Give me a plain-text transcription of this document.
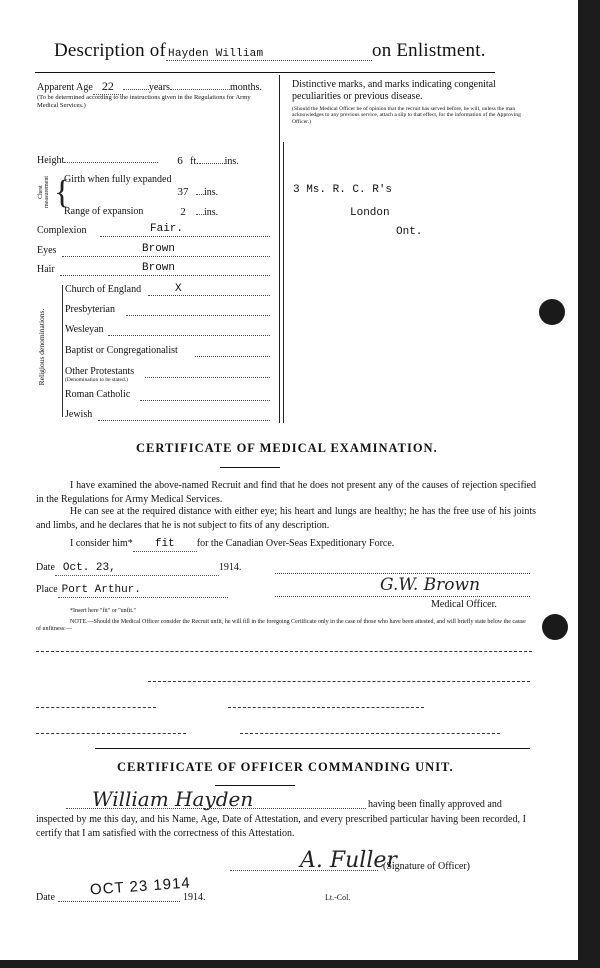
Description of Hayden William	on Enlistment.
Apparent Age 22	years	months.
(To be determined according to the instructions given in the Regulations for Army Medical Services.)
Distinctive marks, and marks indicating congenital peculiarities or previous disease.
(Should the Medical Officer be of opinion that the recruit has served before, he will, unless the man acknowledges to any previous service, attach a slip to that effect, for the information of the Approving Officer.)
3 Ms. R. C. R's
London
Ont.
Height	6 ft.	ins.
Chest measurement {
Girth when fully expanded
37 ins.
Range of expansion	2 ins.
Complexion	Fair.
Eyes	Brown
Hair	Brown
Religious denominations.
Church of England	X
Presbyterian
Wesleyan
Baptist or Congregationalist
Other Protestants
(Denomination to be stated.)
Roman Catholic
Jewish
CERTIFICATE OF MEDICAL EXAMINATION.
I have examined the above-named Recruit and find that he does not present any of the causes of rejection specified in the Regulations for Army Medical Services.
He can see at the required distance with either eye; his heart and lungs are healthy; he has the free use of his joints and limbs, and he declares that he is not subject to fits of any description.
I consider him* fit for the Canadian Over-Seas Expeditionary Force.
Date Oct. 23,	1914.
Place Port Arthur.	G.W. Brown
Medical Officer.
*Insert here "fit" or "unfit."
NOTE.—Should the Medical Officer consider the Recruit unfit, he will fill in the foregoing Certificate only in the case of those who have been attested, and will briefly state below the cause of unfitness:—
CERTIFICATE OF OFFICER COMMANDING UNIT.
William Hayden	having been finally approved and
inspected by me this day, and his Name, Age, Date of Attestation, and every prescribed particular having been recorded, I certify that I am satisfied with the correctness of this Attestation.
A. Fuller
(Signature of Officer)
Date OCT 23 1914
1914.	Lt.-Col.
